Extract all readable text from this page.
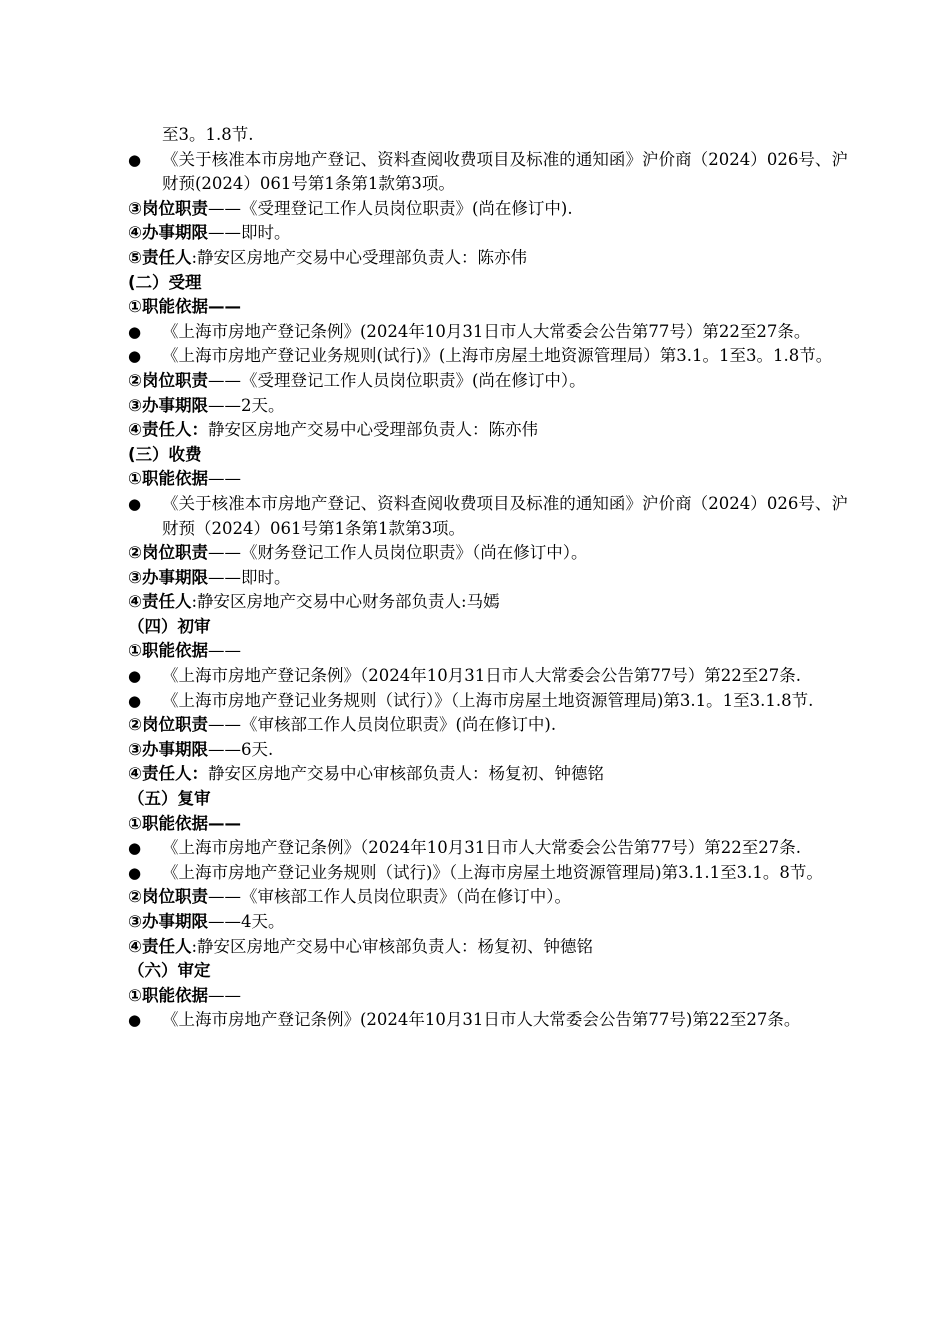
至3。1.8节.
● 《关于核准本市房地产登记、资料查阅收费项目及标准的通知函》沪价商（2024）026号、沪财预(2024）061号第1条第1款第3项。
③岗位职责——《受理登记工作人员岗位职责》(尚在修订中).
④办事期限——即时。
⑤责任人:静安区房地产交易中心受理部负责人：陈亦伟
(二）受理
①职能依据——
● 《上海市房地产登记条例》(2024年10月31日市人大常委会公告第77号）第22至27条。
● 《上海市房地产登记业务规则(试行)》(上海市房屋土地资源管理局）第3.1。1至3。1.8节。
②岗位职责——《受理登记工作人员岗位职责》(尚在修订中）。
③办事期限——2天。
④责任人：静安区房地产交易中心受理部负责人：陈亦伟
(三）收费
①职能依据——
● 《关于核准本市房地产登记、资料查阅收费项目及标准的通知函》沪价商（2024）026号、沪财预（2024）061号第1条第1款第3项。
②岗位职责——《财务登记工作人员岗位职责》（尚在修订中）。
③办事期限——即时。
④责任人:静安区房地产交易中心财务部负责人:马嫣
（四）初审
①职能依据——
● 《上海市房地产登记条例》（2024年10月31日市人大常委会公告第77号）第22至27条.
● 《上海市房地产登记业务规则（试行）》（上海市房屋土地资源管理局)第3.1。1至3.1.8节.
②岗位职责——《审核部工作人员岗位职责》(尚在修订中).
③办事期限——6天.
④责任人：静安区房地产交易中心审核部负责人：杨复初、钟德铭
（五）复审
①职能依据——
● 《上海市房地产登记条例》（2024年10月31日市人大常委会公告第77号）第22至27条.
● 《上海市房地产登记业务规则（试行)》（上海市房屋土地资源管理局)第3.1.1至3.1。8节。
②岗位职责——《审核部工作人员岗位职责》（尚在修订中）。
③办事期限——4天。
④责任人:静安区房地产交易中心审核部负责人：杨复初、钟德铭
（六）审定
①职能依据——
● 《上海市房地产登记条例》(2024年10月31日市人大常委会公告第77号)第22至27条。
